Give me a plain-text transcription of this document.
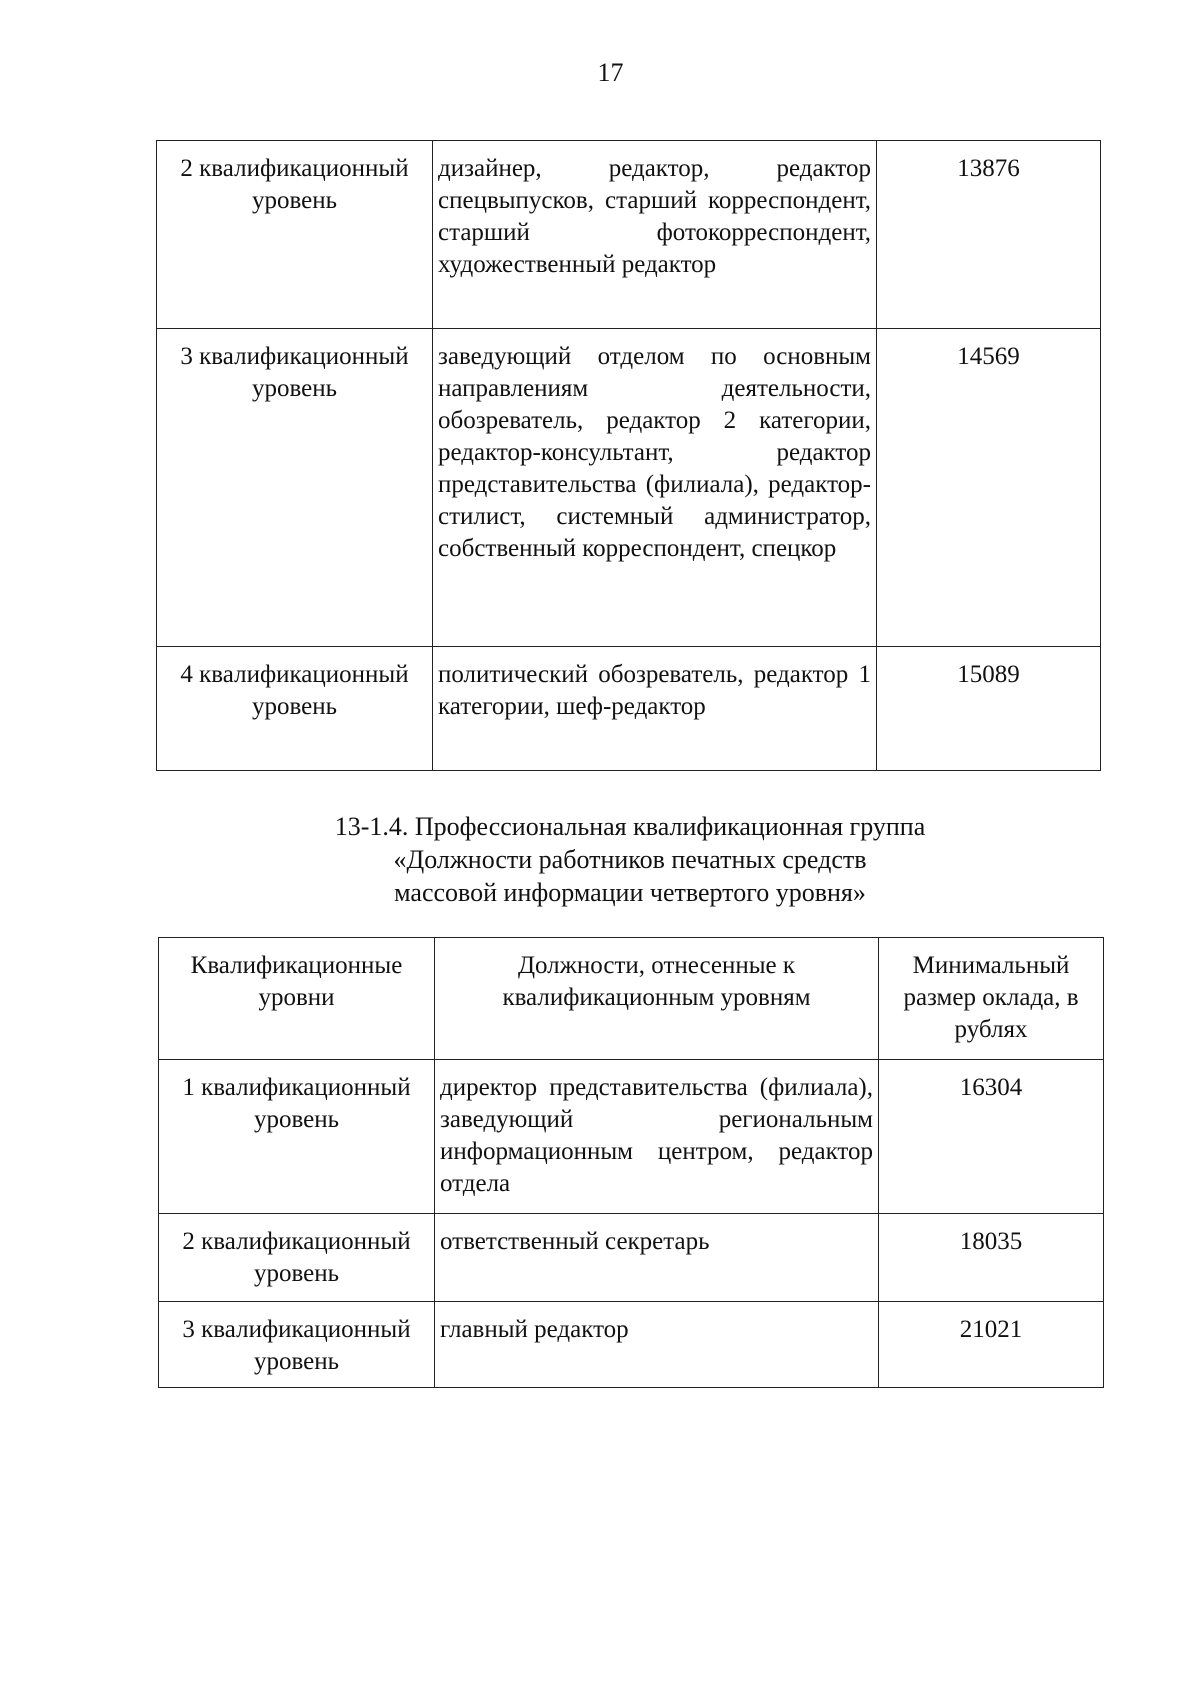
17
2 квалификационный уровень	дизайнер, редактор, редактор спецвыпусков, старший корреспондент, старший фотокорреспондент, художественный редактор	13876
3 квалификационный уровень	заведующий отделом по основным направлениям деятельности, обозреватель, редактор 2 категории, редактор-консультант, редактор представительства (филиала), редактор-стилист, системный администратор, собственный корреспондент, спецкор	14569
4 квалификационный уровень	политический обозреватель, редактор 1 категории, шеф-редактор	15089
13-1.4. Профессиональная квалификационная группа
«Должности работников печатных средств
массовой информации четвертого уровня»
Квалификационные уровни	Должности, отнесенные к квалификационным уровням	Минимальный размер оклада, в рублях
1 квалификационный уровень	директор представительства (филиала), заведующий региональным информационным центром, редактор отдела	16304
2 квалификационный уровень	ответственный секретарь	18035
3 квалификационный уровень	главный редактор	21021
